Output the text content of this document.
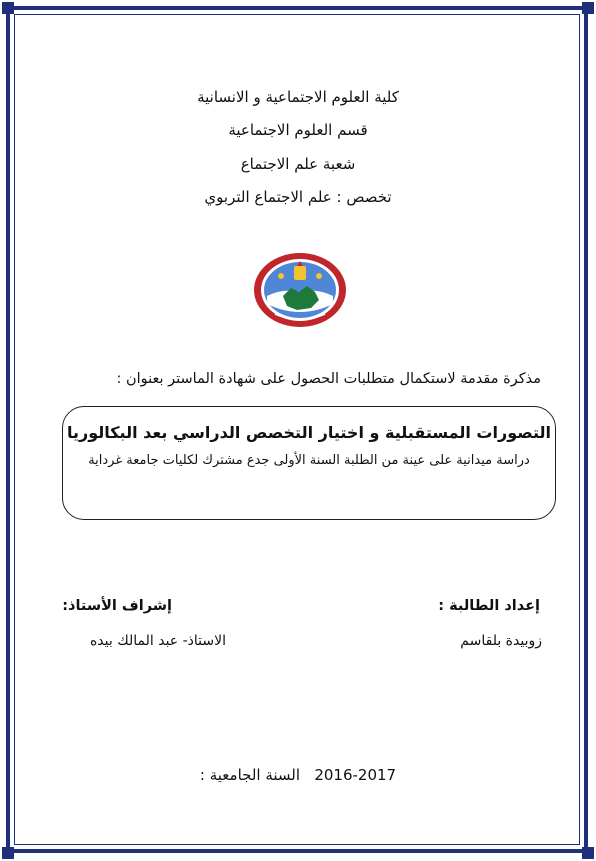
كلية العلوم الاجتماعية و الانسانية
قسم العلوم الاجتماعية
شعبة علم الاجتماع
تخصص : علم الاجتماع التربوي
مذكرة مقدمة لاستكمال متطلبات الحصول على شهادة الماستر بعنوان :
التصورات المستقبلية و اختيار التخصص الدراسي بعد البكالوريا
دراسة ميدانية على عينة من الطلبة السنة الأولى جدع مشترك لكليات جامعة غرداية
إعداد الطالبة :
إشراف الأستاذ:
زوبيدة بلقاسم
الاستاذ- عبد المالك بيده
السنة الجامعية : 2016-2017
